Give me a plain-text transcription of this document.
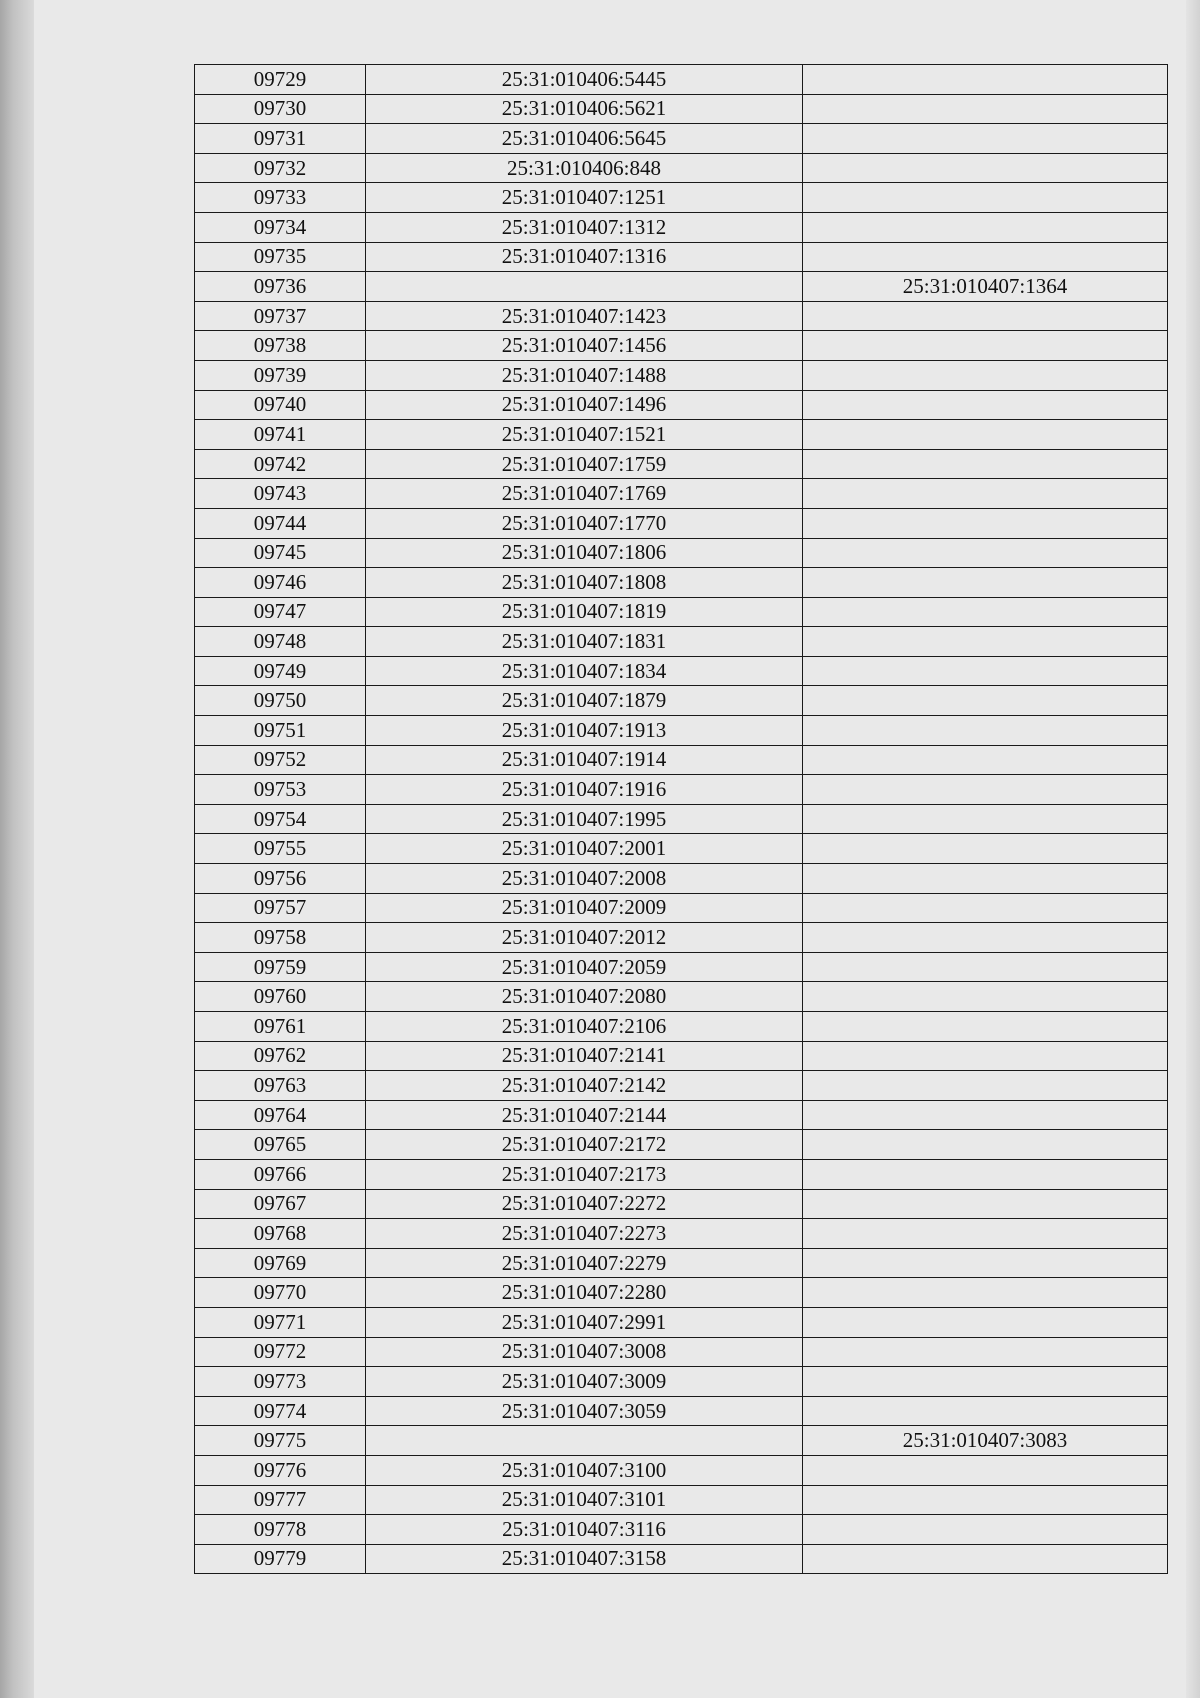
09729	25:31:010406:5445	
09730	25:31:010406:5621	
09731	25:31:010406:5645	
09732	25:31:010406:848	
09733	25:31:010407:1251	
09734	25:31:010407:1312	
09735	25:31:010407:1316	
09736		25:31:010407:1364
09737	25:31:010407:1423	
09738	25:31:010407:1456	
09739	25:31:010407:1488	
09740	25:31:010407:1496	
09741	25:31:010407:1521	
09742	25:31:010407:1759	
09743	25:31:010407:1769	
09744	25:31:010407:1770	
09745	25:31:010407:1806	
09746	25:31:010407:1808	
09747	25:31:010407:1819	
09748	25:31:010407:1831	
09749	25:31:010407:1834	
09750	25:31:010407:1879	
09751	25:31:010407:1913	
09752	25:31:010407:1914	
09753	25:31:010407:1916	
09754	25:31:010407:1995	
09755	25:31:010407:2001	
09756	25:31:010407:2008	
09757	25:31:010407:2009	
09758	25:31:010407:2012	
09759	25:31:010407:2059	
09760	25:31:010407:2080	
09761	25:31:010407:2106	
09762	25:31:010407:2141	
09763	25:31:010407:2142	
09764	25:31:010407:2144	
09765	25:31:010407:2172	
09766	25:31:010407:2173	
09767	25:31:010407:2272	
09768	25:31:010407:2273	
09769	25:31:010407:2279	
09770	25:31:010407:2280	
09771	25:31:010407:2991	
09772	25:31:010407:3008	
09773	25:31:010407:3009	
09774	25:31:010407:3059	
09775		25:31:010407:3083
09776	25:31:010407:3100	
09777	25:31:010407:3101	
09778	25:31:010407:3116	
09779	25:31:010407:3158	
